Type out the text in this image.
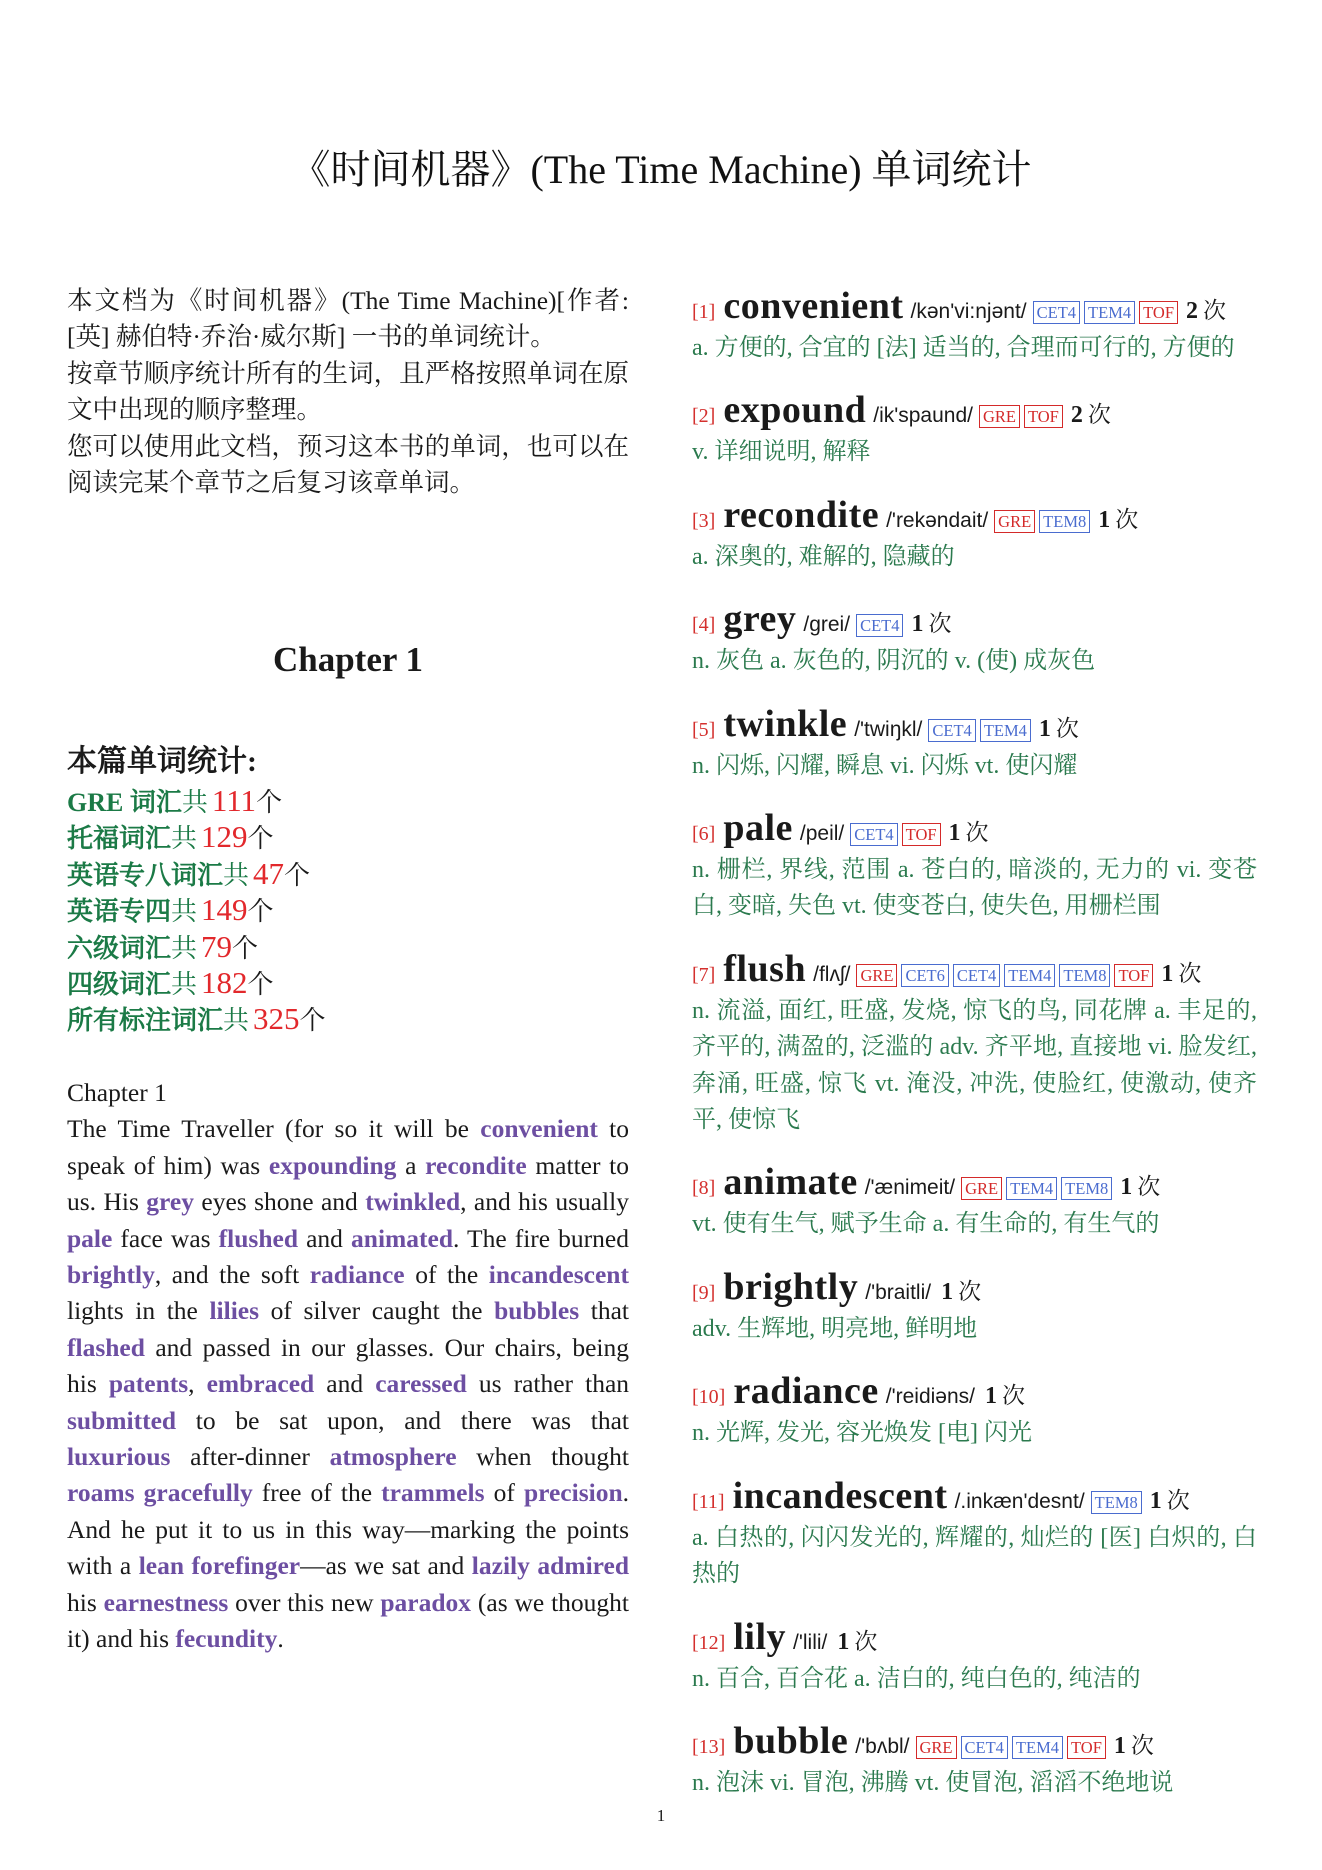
《时间机器》(The Time Machine) 单词统计

本文档为《时间机器》(The Time Machine)[作者: [英] 赫伯特·乔治·威尔斯] 一书的单词统计。

按章节顺序统计所有的生词，且严格按照单词在原文中出现的顺序整理。

您可以使用此文档，预习这本书的单词，也可以在阅读完某个章节之后复习该章单词。

Chapter 1
本篇单词统计:
GRE 词汇共 111个
托福词汇共 129个
英语专八词汇共 47个
英语专四共 149个
六级词汇共 79个
四级词汇共 182个
所有标注词汇共 325个
Chapter 1
The Time Traveller (for so it will be convenient to speak of him) was expounding a recondite matter to us. His grey eyes shone and twinkled, and his usually pale face was flushed and animated. The fire burned brightly, and the soft radiance of the incandescent lights in the lilies of silver caught the bubbles that flashed and passed in our glasses. Our chairs, being his patents, embraced and caressed us rather than submitted to be sat upon, and there was that luxurious after-dinner atmosphere when thought roams gracefully free of the trammels of precision. And he put it to us in this way—marking the points with a lean forefinger—as we sat and lazily admired his earnestness over this new paradox (as we thought it) and his fecundity.
[1] convenient /kən'vi:njənt/ CET4 TEM4 TOF 2 次
a. 方便的, 合宜的 [法] 适当的, 合理而可行的, 方便的
[2] expound /ik'spaund/ GRE TOF 2 次
v. 详细说明, 解释
[3] recondite /'rekəndait/ GRE TEM8 1 次
a. 深奥的, 难解的, 隐藏的
[4] grey /grei/ CET4 1 次
n. 灰色 a. 灰色的, 阴沉的 v. (使) 成灰色
[5] twinkle /'twiŋkl/ CET4 TEM4 1 次
n. 闪烁, 闪耀, 瞬息 vi. 闪烁 vt. 使闪耀
[6] pale /peil/ CET4 TOF 1 次
n. 栅栏, 界线, 范围 a. 苍白的, 暗淡的, 无力的 vi. 变苍白, 变暗, 失色 vt. 使变苍白, 使失色, 用栅栏围
[7] flush /flʌʃ/ GRE CET6 CET4 TEM4 TEM8 TOF 1 次
n. 流溢, 面红, 旺盛, 发烧, 惊飞的鸟, 同花牌 a. 丰足的, 齐平的, 满盈的, 泛滥的 adv. 齐平地, 直接地 vi. 脸发红, 奔涌, 旺盛, 惊飞 vt. 淹没, 冲洗, 使脸红, 使激动, 使齐平, 使惊飞
[8] animate /'ænimeit/ GRE TEM4 TEM8 1 次
vt. 使有生气, 赋予生命 a. 有生命的, 有生气的
[9] brightly /'braitli/ 1 次
adv. 生辉地, 明亮地, 鲜明地
[10] radiance /'reidiəns/ 1 次
n. 光辉, 发光, 容光焕发 [电] 闪光
[11] incandescent /.inkæn'desnt/ TEM8 1 次
a. 白热的, 闪闪发光的, 辉耀的, 灿烂的 [医] 白炽的, 白热的
[12] lily /'lili/ 1 次
n. 百合, 百合花 a. 洁白的, 纯白色的, 纯洁的
[13] bubble /'bʌbl/ GRE CET4 TEM4 TOF 1 次
n. 泡沫 vi. 冒泡, 沸腾 vt. 使冒泡, 滔滔不绝地说
1
